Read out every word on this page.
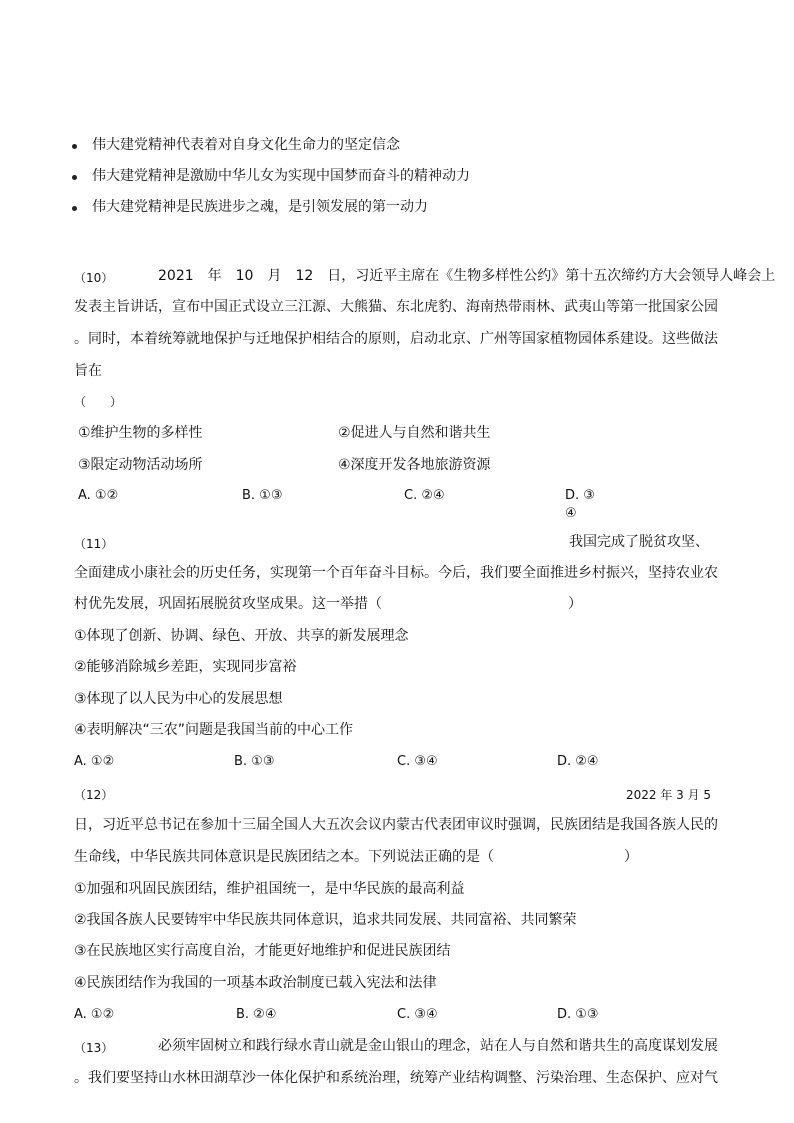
伟大建党精神代表着对自身文化生命力的坚定信念
伟大建党精神是激励中华儿女为实现中国梦而奋斗的精神动力
伟大建党精神是民族进步之魂，是引领发展的第一动力
（10）	2021　年　10　月　12　日，习近平主席在《生物多样性公约》第十五次缔约方大会领导人峰会上
发表主旨讲话，宣布中国正式设立三江源、大熊猫、东北虎豹、海南热带雨林、武夷山等第一批国家公园
。同时，本着统筹就地保护与迁地保护相结合的原则，启动北京、广州等国家植物园体系建设。这些做法
旨在
（　　）
①维护生物的多样性	②促进人与自然和谐共生
③限定动物活动场所	④深度开发各地旅游资源
A. ①②	B. ①③	C. ②④	D. ③
④
（11）	我国完成了脱贫攻坚、
全面建成小康社会的历史任务，实现第一个百年奋斗目标。今后，我们要全面推进乡村振兴，坚持农业农
村优先发展，巩固拓展脱贫攻坚成果。这一举措（	）
①体现了创新、协调、绿色、开放、共享的新发展理念
②能够消除城乡差距，实现同步富裕
③体现了以人民为中心的发展思想
④表明解决“三农”问题是我国当前的中心工作
A. ①②	B. ①③	C. ③④	D. ②④
（12）	2022 年 3 月 5
日，习近平总书记在参加十三届全国人大五次会议内蒙古代表团审议时强调，民族团结是我国各族人民的
生命线，中华民族共同体意识是民族团结之本。下列说法正确的是（	）
①加强和巩固民族团结，维护祖国统一，是中华民族的最高利益
②我国各族人民要铸牢中华民族共同体意识，追求共同发展、共同富裕、共同繁荣
③在民族地区实行高度自治，才能更好地维护和促进民族团结
④民族团结作为我国的一项基本政治制度已载入宪法和法律
A. ①②	B. ②④	C. ③④	D. ①③
（13）	必须牢固树立和践行绿水青山就是金山银山的理念，站在人与自然和谐共生的高度谋划发展
。我们要坚持山水林田湖草沙一体化保护和系统治理，统筹产业结构调整、污染治理、生态保护、应对气
